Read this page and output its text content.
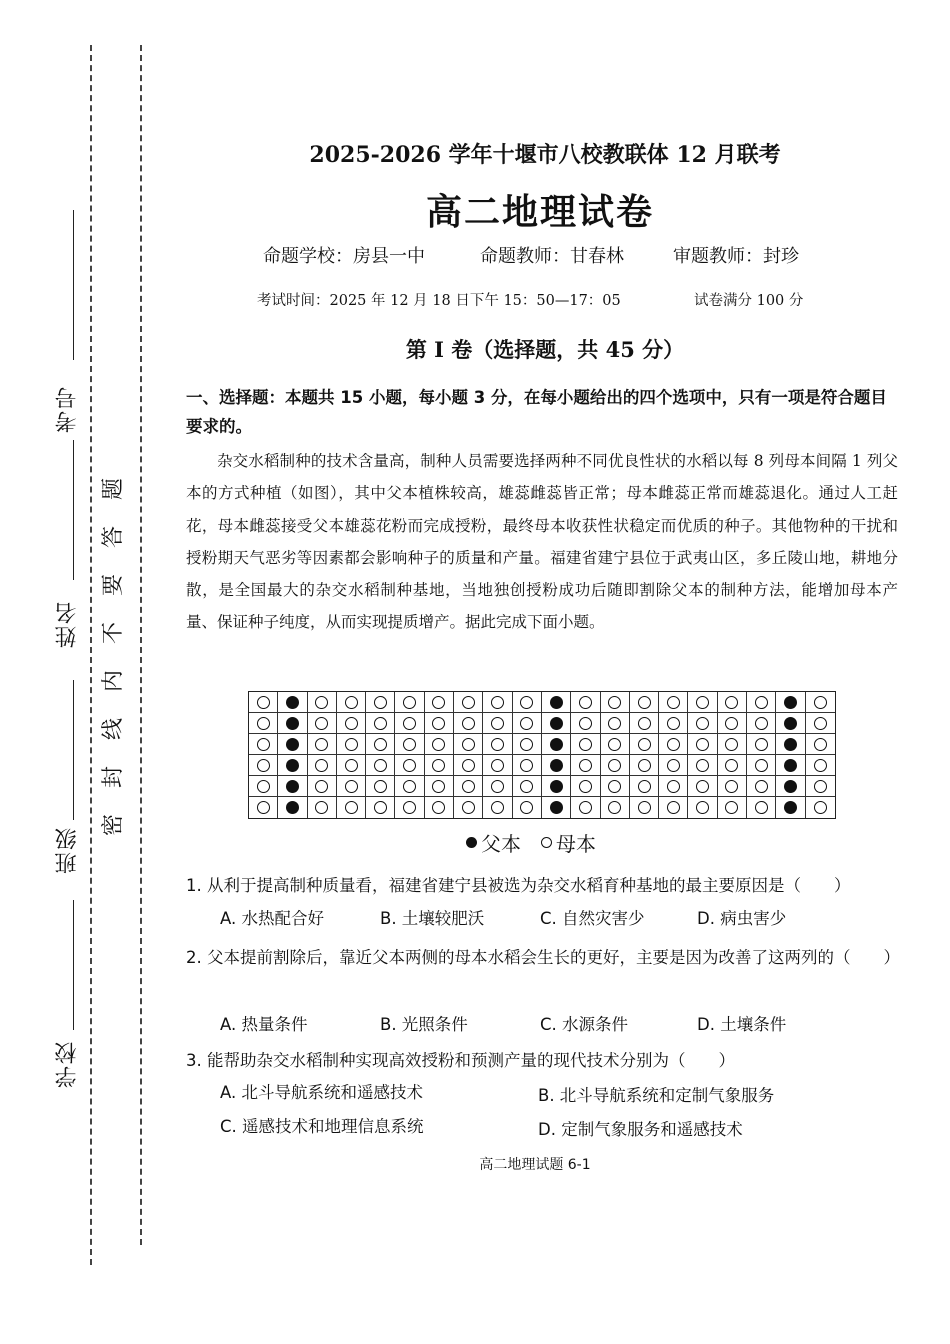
考号
姓名
班级
学校
题
答
要
不
内
线
封
密
2025-2026 学年十堰市八校教联体 12 月联考
高二地理试卷
命题学校：房县一中	命题教师：甘春林	审题教师：封珍
考试时间：2025 年 12 月 18 日下午 15：50—17：05	试卷满分 100 分
第 I 卷（选择题，共 45 分）
一、选择题：本题共 15 小题，每小题 3 分，在每小题给出的四个选项中，只有一项是符合题目要求的。
杂交水稻制种的技术含量高，制种人员需要选择两种不同优良性状的水稻以每 8 列母本间隔 1 列父本的方式种植（如图），其中父本植株较高，雄蕊雌蕊皆正常；母本雌蕊正常而雄蕊退化。通过人工赶花，母本雌蕊接受父本雄蕊花粉而完成授粉，最终母本收获性状稳定而优质的种子。其他物种的干扰和授粉期天气恶劣等因素都会影响种子的质量和产量。福建省建宁县位于武夷山区，多丘陵山地，耕地分散，是全国最大的杂交水稻制种基地，当地独创授粉成功后随即割除父本的制种方法，能增加母本产量、保证种子纯度，从而实现提质增产。据此完成下面小题。
父本 母本
1. 从利于提高制种质量看，福建省建宁县被选为杂交水稻育种基地的最主要原因是（　　）
A. 水热配合好	B. 土壤较肥沃	C. 自然灾害少	D. 病虫害少
2. 父本提前割除后，靠近父本两侧的母本水稻会生长的更好，主要是因为改善了这两列的（　　）
A. 热量条件	B. 光照条件	C. 水源条件	D. 土壤条件
3. 能帮助杂交水稻制种实现高效授粉和预测产量的现代技术分别为（　　）
A. 北斗导航系统和遥感技术	B. 北斗导航系统和定制气象服务
C. 遥感技术和地理信息系统	D. 定制气象服务和遥感技术
高二地理试题 6-1
